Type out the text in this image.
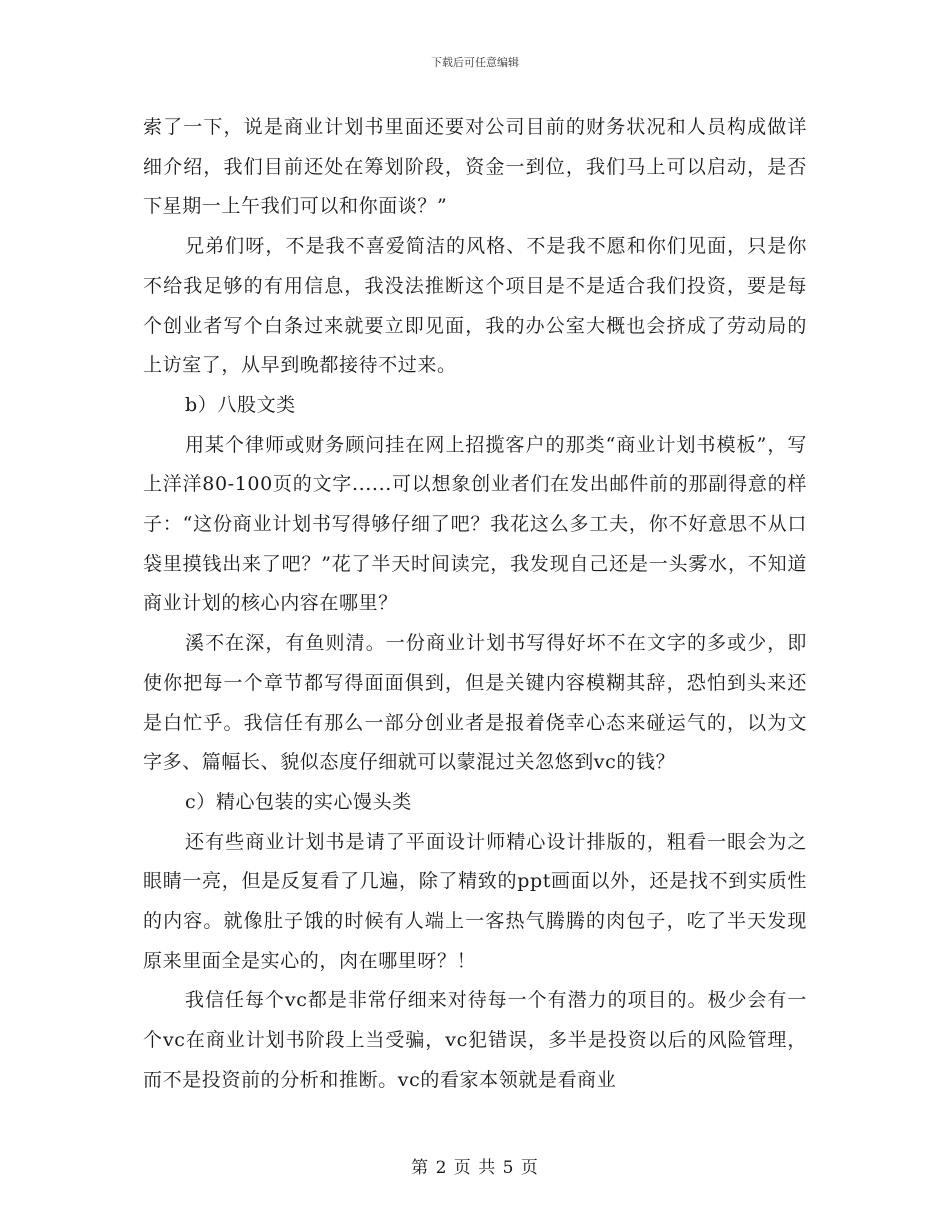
下载后可任意编辑

索了一下，说是商业计划书里面还要对公司目前的财务状况和人员构成做详细介绍，我们目前还处在筹划阶段，资金一到位，我们马上可以启动，是否下星期一上午我们可以和你面谈？”

兄弟们呀，不是我不喜爱简洁的风格、不是我不愿和你们见面，只是你不给我足够的有用信息，我没法推断这个项目是不是适合我们投资，要是每个创业者写个白条过来就要立即见面，我的办公室大概也会挤成了劳动局的上访室了，从早到晚都接待不过来。

b）八股文类

用某个律师或财务顾问挂在网上招揽客户的那类“商业计划书模板”，写上洋洋80-100页的文字......可以想象创业者们在发出邮件前的那副得意的样子：“这份商业计划书写得够仔细了吧？我花这么多工夫，你不好意思不从口袋里摸钱出来了吧？”花了半天时间读完，我发现自己还是一头雾水，不知道商业计划的核心内容在哪里？

溪不在深，有鱼则清。一份商业计划书写得好坏不在文字的多或少，即使你把每一个章节都写得面面俱到，但是关键内容模糊其辞，恐怕到头来还是白忙乎。我信任有那么一部分创业者是报着侥幸心态来碰运气的，以为文字多、篇幅长、貌似态度仔细就可以蒙混过关忽悠到vc的钱？

c）精心包装的实心馒头类

还有些商业计划书是请了平面设计师精心设计排版的，粗看一眼会为之眼睛一亮，但是反复看了几遍，除了精致的ppt画面以外，还是找不到实质性的内容。就像肚子饿的时候有人端上一客热气腾腾的肉包子，吃了半天发现原来里面全是实心的，肉在哪里呀？！

我信任每个vc都是非常仔细来对待每一个有潜力的项目的。极少会有一个vc在商业计划书阶段上当受骗，vc犯错误，多半是投资以后的风险管理，而不是投资前的分析和推断。vc的看家本领就是看商业

第 2 页 共 5 页
